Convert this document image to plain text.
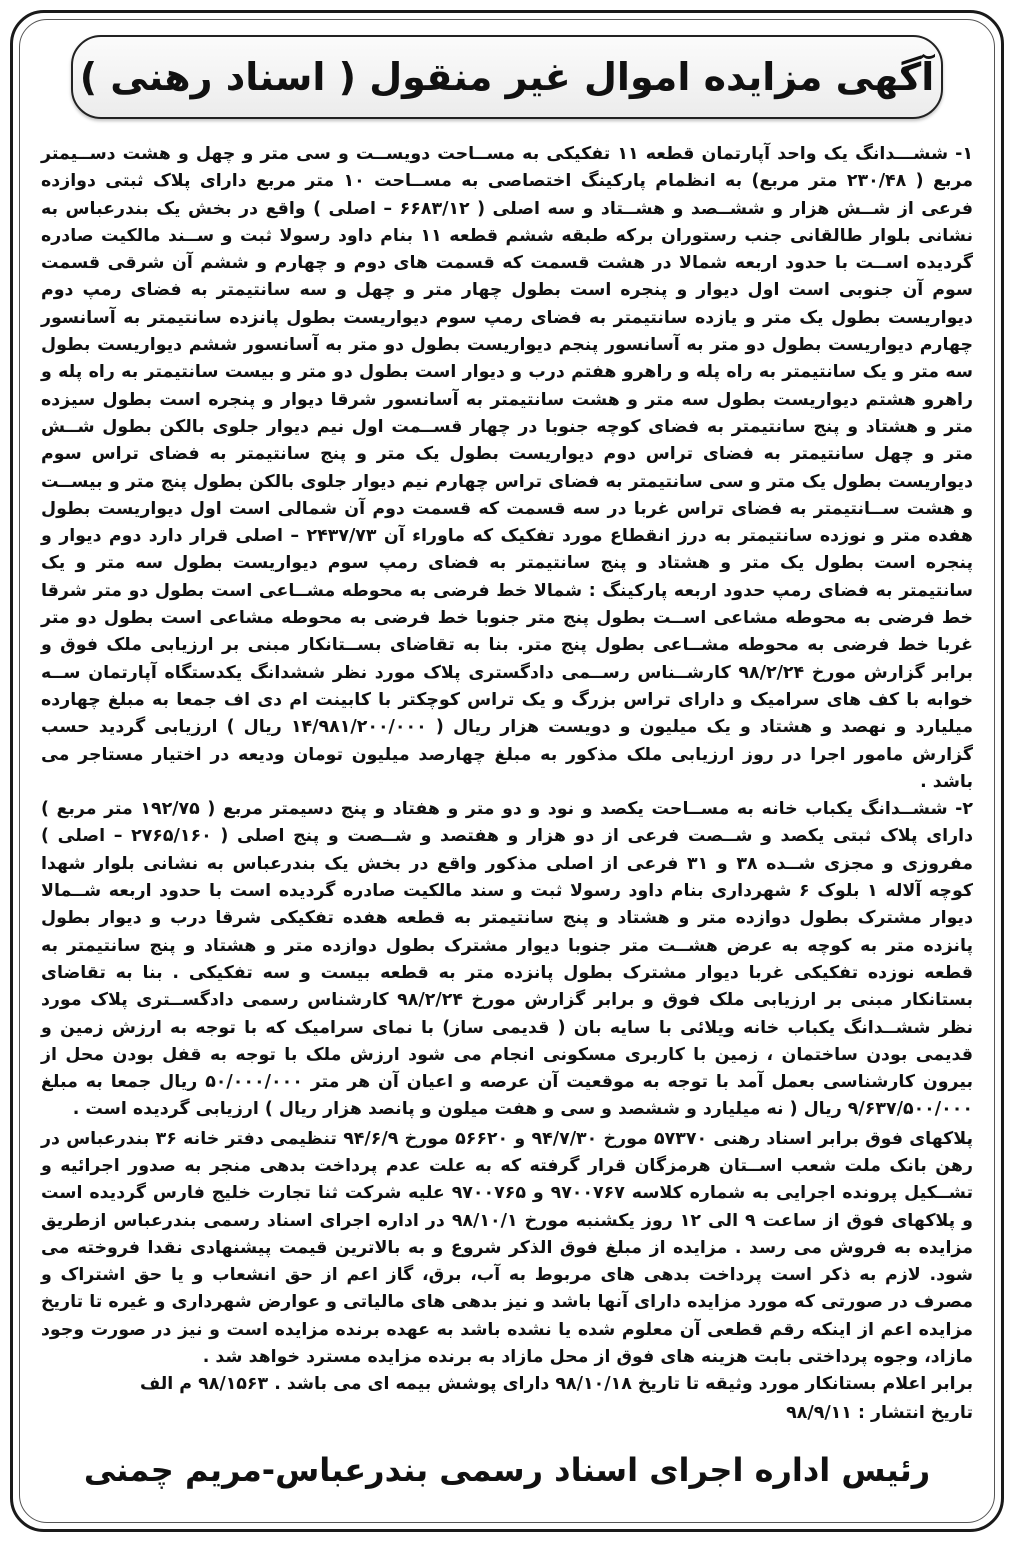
آگهی مزایده اموال غیر منقول ( اسناد رهنی )

۱- ششـــدانگ یک واحد آپارتمان قطعه ۱۱ تفکیکی به مســاحت دویســت و سی متر و چهل و هشت دســیمتر مربع ( ۲۳۰/۴۸ متر مربع) به انظمام پارکینگ اختصاصی به مســاحت ۱۰ متر مربع دارای پلاک ثبتی دوازده فرعی از شــش هزار و ششــصد و هشــتاد و سه اصلی ( ۶۶۸۳/۱۲ – اصلی ) واقع در بخش یک بندرعباس به نشانی بلوار طالقانی جنب رستوران برکه طبقه ششم قطعه ۱۱ بنام داود رسولا ثبت و ســند مالکیت صادره گردیده اســت با حدود اربعه شمالا در هشت قسمت که قسمت های دوم و چهارم و ششم آن شرقی قسمت سوم آن جنوبی است اول دیوار و پنجره است بطول چهار متر و چهل و سه سانتیمتر به فضای رمپ دوم دیواریست بطول یک متر و یازده سانتیمتر به فضای رمپ سوم دیواریست بطول پانزده سانتیمتر به آسانسور چهارم دیواریست بطول دو متر به آسانسور پنجم دیواریست بطول دو متر به آسانسور ششم دیواریست بطول سه متر و یک سانتیمتر به راه پله و راهرو هفتم درب و دیوار است بطول دو متر و بیست سانتیمتر به راه پله و راهرو هشتم دیواریست بطول سه متر و هشت سانتیمتر به آسانسور شرقا دیوار و پنجره است بطول سیزده متر و هشتاد و پنج سانتیمتر به فضای کوچه جنوبا در چهار قســمت اول نیم دیوار جلوی بالکن بطول شــش متر و چهل سانتیمتر به فضای تراس دوم دیواریست بطول یک متر و پنج سانتیمتر به فضای تراس سوم دیواریست بطول یک متر و سی سانتیمتر به فضای تراس چهارم نیم دیوار جلوی بالکن بطول پنج متر و بیســت و هشت ســانتیمتر به فضای تراس غربا در سه قسمت که قسمت دوم آن شمالی است اول دیواریست بطول هفده متر و نوزده سانتیمتر به درز انقطاع مورد تفکیک که ماوراء آن ۲۴۳۷/۷۳ – اصلی قرار دارد دوم دیوار و پنجره است بطول یک متر و هشتاد و پنج سانتیمتر به فضای رمپ سوم دیواریست بطول سه متر و یک سانتیمتر به فضای رمپ حدود اربعه پارکینگ : شمالا خط فرضی به محوطه مشــاعی است بطول دو متر شرقا خط فرضی به محوطه مشاعی اســت بطول پنج متر جنوبا خط فرضی به محوطه مشاعی است بطول دو متر غربا خط فرضی به محوطه مشــاعی بطول پنج متر. بنا به تقاضای بســتانکار مبنی بر ارزیابی ملک فوق و برابر گزارش مورخ ۹۸/۲/۲۴ کارشــناس رســمی دادگستری پلاک مورد نظر ششدانگ یکدستگاه آپارتمان ســه خوابه با کف های سرامیک و دارای تراس بزرگ و یک تراس کوچکتر با کابینت ام دی اف جمعا به مبلغ چهارده میلیارد و نهصد و هشتاد و یک میلیون و دویست هزار ریال ( ۱۴/۹۸۱/۲۰۰/۰۰۰ ریال ) ارزیابی گردید حسب گزارش مامور اجرا در روز ارزیابی ملک مذکور به مبلغ چهارصد میلیون تومان ودیعه در اختیار مستاجر می باشد .

۲- ششــدانگ یکباب خانه به مســاحت یکصد و نود و دو متر و هفتاد و پنج دسیمتر مربع ( ۱۹۲/۷۵ متر مربع ) دارای پلاک ثبتی یکصد و شــصت فرعی از دو هزار و هفتصد و شــصت و پنج اصلی ( ۲۷۶۵/۱۶۰ – اصلی ) مفروزی و مجزی شــده ۳۸ و ۳۱ فرعی از اصلی مذکور واقع در بخش یک بندرعباس به نشانی بلوار شهدا کوچه آلاله ۱ بلوک ۶ شهرداری بنام داود رسولا ثبت و سند مالکیت صادره گردیده است با حدود اربعه شــمالا دیوار مشترک بطول دوازده متر و هشتاد و پنج سانتیمتر به قطعه هفده تفکیکی شرقا درب و دیوار بطول پانزده متر به کوچه به عرض هشــت متر جنوبا دیوار مشترک بطول دوازده متر و هشتاد و پنج سانتیمتر به قطعه نوزده تفکیکی غربا دیوار مشترک بطول پانزده متر به قطعه بیست و سه تفکیکی . بنا به تقاضای بستانکار مبنی بر ارزیابی ملک فوق و برابر گزارش مورخ ۹۸/۲/۲۴ کارشناس رسمی دادگســتری پلاک مورد نظر ششــدانگ یکباب خانه ویلائی با سایه بان ( قدیمی ساز) با نمای سرامیک که با توجه به ارزش زمین و قدیمی بودن ساختمان ، زمین با کاربری مسکونی انجام می شود ارزش ملک با توجه به قفل بودن محل از بیرون کارشناسی بعمل آمد با توجه به موقعیت آن عرصه و اعیان آن هر متر ۵۰/۰۰۰/۰۰۰ ریال جمعا به مبلغ ۹/۶۳۷/۵۰۰/۰۰۰ ریال ( نه میلیارد و ششصد و سی و هفت میلون و پانصد هزار ریال ) ارزیابی گردیده است .

پلاکهای فوق برابر اسناد رهنی ۵۷۳۷۰ مورخ ۹۴/۷/۳۰ و ۵۶۶۲۰ مورخ ۹۴/۶/۹ تنظیمی دفتر خانه ۳۶ بندرعباس در رهن بانک ملت شعب اســتان هرمزگان قرار گرفته که به علت عدم پرداخت بدهی منجر به صدور اجرائیه و تشــکیل پرونده اجرایی به شماره کلاسه ۹۷۰۰۷۶۷ و ۹۷۰۰۷۶۵ علیه شرکت ثنا تجارت خلیج فارس گردیده است و پلاکهای فوق از ساعت ۹ الی ۱۲ روز یکشنبه مورخ ۹۸/۱۰/۱ در اداره اجرای اسناد رسمی بندرعباس ازطریق مزایده به فروش می رسد . مزایده از مبلغ فوق الذکر شروع و به بالاترین قیمت پیشنهادی نقدا فروخته می شود. لازم به ذکر است پرداخت بدهی های مربوط به آب، برق، گاز اعم از حق انشعاب و یا حق اشتراک و مصرف در صورتی که مورد مزایده دارای آنها باشد و نیز بدهی های مالیاتی و عوارض شهرداری و غیره تا تاریخ مزایده اعم از اینکه رقم قطعی آن معلوم شده یا نشده باشد به عهده برنده مزایده است و نیز در صورت وجود مازاد، وجوه پرداختی بابت هزینه های فوق از محل مازاد به برنده مزایده مسترد خواهد شد .

برابر اعلام بستانکار مورد وثیقه تا تاریخ ۹۸/۱۰/۱۸ دارای پوشش بیمه ای می باشد . ۹۸/۱۵۶۳ م الف

تاریخ انتشار : ۹۸/۹/۱۱

رئیس اداره اجرای اسناد رسمی بندرعباس-مریم چمنی
